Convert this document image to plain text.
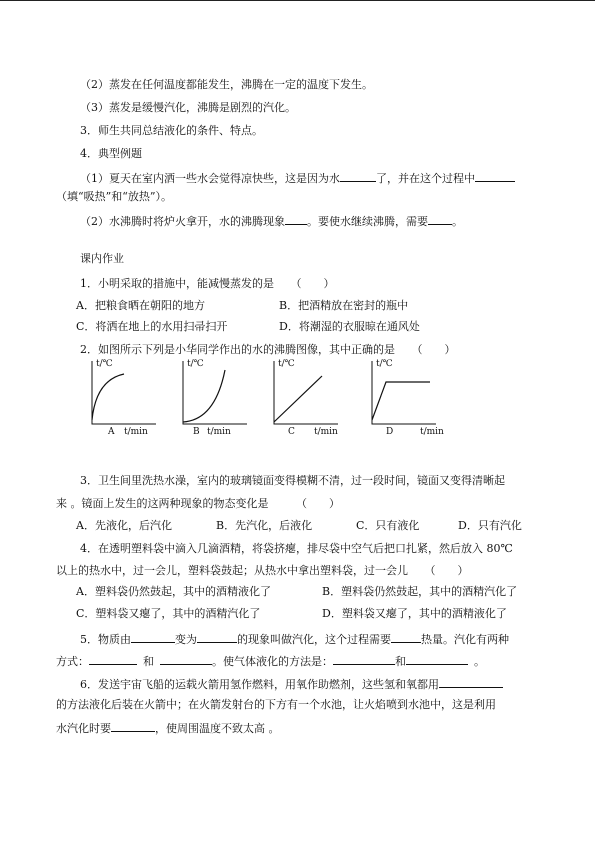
（2）蒸发在任何温度都能发生，沸腾在一定的温度下发生。
（3）蒸发是缓慢汽化，沸腾是剧烈的汽化。
3．师生共同总结液化的条件、特点。
4．典型例题
（1）夏天在室内洒一些水会觉得凉快些，这是因为水	了，并在这个过程中
（填“吸热”和“放热”）。
（2）水沸腾时将炉火拿开，水的沸腾现象 。要使水继续沸腾，需要 。
课内作业
1．小明采取的措施中，能减慢蒸发的是　　（　　）
A．把粮食晒在朝阳的地方	B．把酒精放在密封的瓶中
C．将洒在地上的水用扫帚扫开	D．将潮湿的衣服晾在通风处
2．如图所示下列是小华同学作出的水的沸腾图像，其中正确的是　　（　　）
t/℃
A t/min
t/℃
B t/min
t/℃
C t/min
t/℃
D	t/min
3．卫生间里洗热水澡，室内的玻璃镜面变得模糊不清，过一段时间，镜面又变得清晰起
来 。镜面上发生的这两种现象的物态变化是　　　（　　）
A．先液化，后汽化	B．先汽化，后液化	C．只有液化	D．只有汽化
4．在透明塑料袋中滴入几滴酒精，将袋挤瘪，排尽袋中空气后把口扎紧，然后放入 80℃
以上的热水中，过一会儿，塑料袋鼓起；从热水中拿出塑料袋，过一会儿　　（　　）
A．塑料袋仍然鼓起，其中的酒精液化了	B．塑料袋仍然鼓起，其中的酒精汽化了
C．塑料袋又瘪了，其中的酒精汽化了	D．塑料袋又瘪了，其中的酒精液化了
5．物质由	变为	的现象叫做汽化，这个过程需要	热量。汽化有两种
方式：	和	。使气体液化的方法是：	和	。
6．发送宇宙飞船的运载火箭用氢作燃料，用氧作助燃剂，这些氢和氧都用
的方法液化后装在火箭中；在火箭发射台的下方有一个水池，让火焰喷到水池中，这是利用
水汽化时要	，使周围温度不致太高 。
